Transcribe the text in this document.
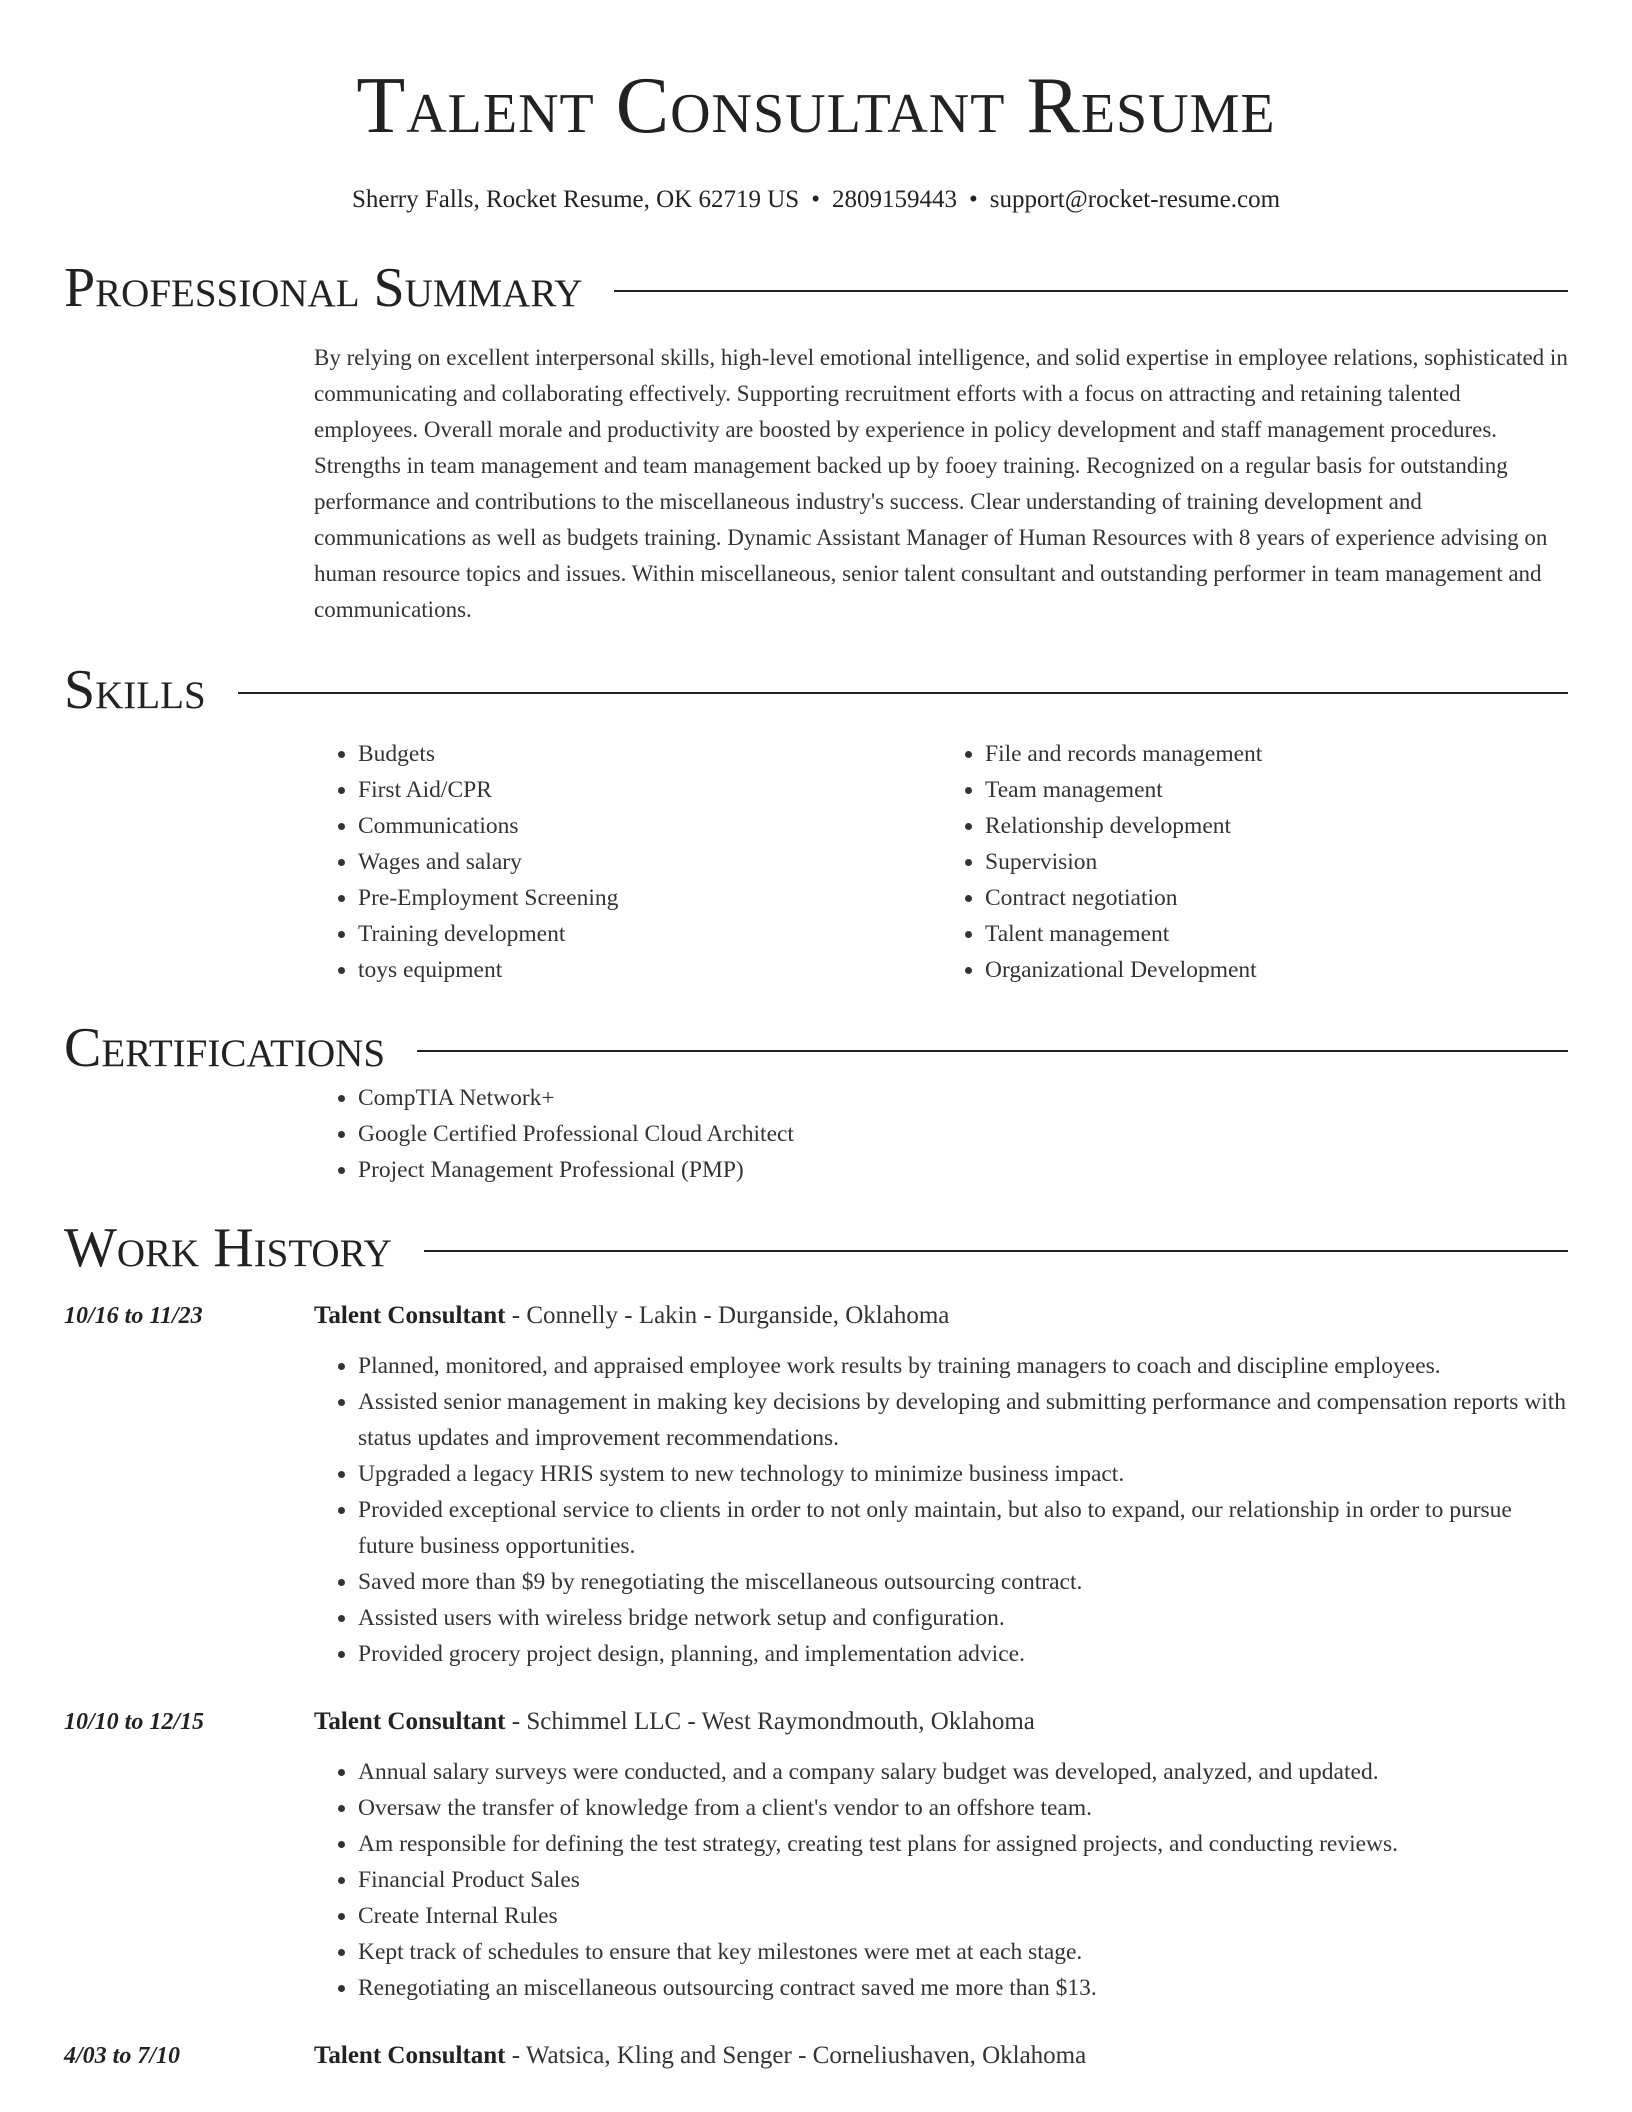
Talent Consultant Resume
Sherry Falls, Rocket Resume, OK 62719 US • 2809159443 • support@rocket-resume.com
Professional Summary

By relying on excellent interpersonal skills, high-level emotional intelligence, and solid expertise in employee relations, sophisticated in communicating and collaborating effectively. Supporting recruitment efforts with a focus on attracting and retaining talented employees. Overall morale and productivity are boosted by experience in policy development and staff management procedures. Strengths in team management and team management backed up by fooey training. Recognized on a regular basis for outstanding performance and contributions to the miscellaneous industry's success. Clear understanding of training development and communications as well as budgets training. Dynamic Assistant Manager of Human Resources with 8 years of experience advising on human resource topics and issues. Within miscellaneous, senior talent consultant and outstanding performer in team management and communications.

Skills
• Budgets
• First Aid/CPR
• Communications
• Wages and salary
• Pre-Employment Screening
• Training development
• toys equipment
• File and records management
• Team management
• Relationship development
• Supervision
• Contract negotiation
• Talent management
• Organizational Development
Certifications
• CompTIA Network+
• Google Certified Professional Cloud Architect
• Project Management Professional (PMP)
Work History
10/16 to 11/23	Talent Consultant - Connelly - Lakin - Durganside, Oklahoma
• Planned, monitored, and appraised employee work results by training managers to coach and discipline employees.
• Assisted senior management in making key decisions by developing and submitting performance and compensation reports with status updates and improvement recommendations.
• Upgraded a legacy HRIS system to new technology to minimize business impact.
• Provided exceptional service to clients in order to not only maintain, but also to expand, our relationship in order to pursue future business opportunities.
• Saved more than $9 by renegotiating the miscellaneous outsourcing contract.
• Assisted users with wireless bridge network setup and configuration.
• Provided grocery project design, planning, and implementation advice.
10/10 to 12/15	Talent Consultant - Schimmel LLC - West Raymondmouth, Oklahoma
• Annual salary surveys were conducted, and a company salary budget was developed, analyzed, and updated.
• Oversaw the transfer of knowledge from a client's vendor to an offshore team.
• Am responsible for defining the test strategy, creating test plans for assigned projects, and conducting reviews.
• Financial Product Sales
• Create Internal Rules
• Kept track of schedules to ensure that key milestones were met at each stage.
• Renegotiating an miscellaneous outsourcing contract saved me more than $13.
4/03 to 7/10	Talent Consultant - Watsica, Kling and Senger - Corneliushaven, Oklahoma
